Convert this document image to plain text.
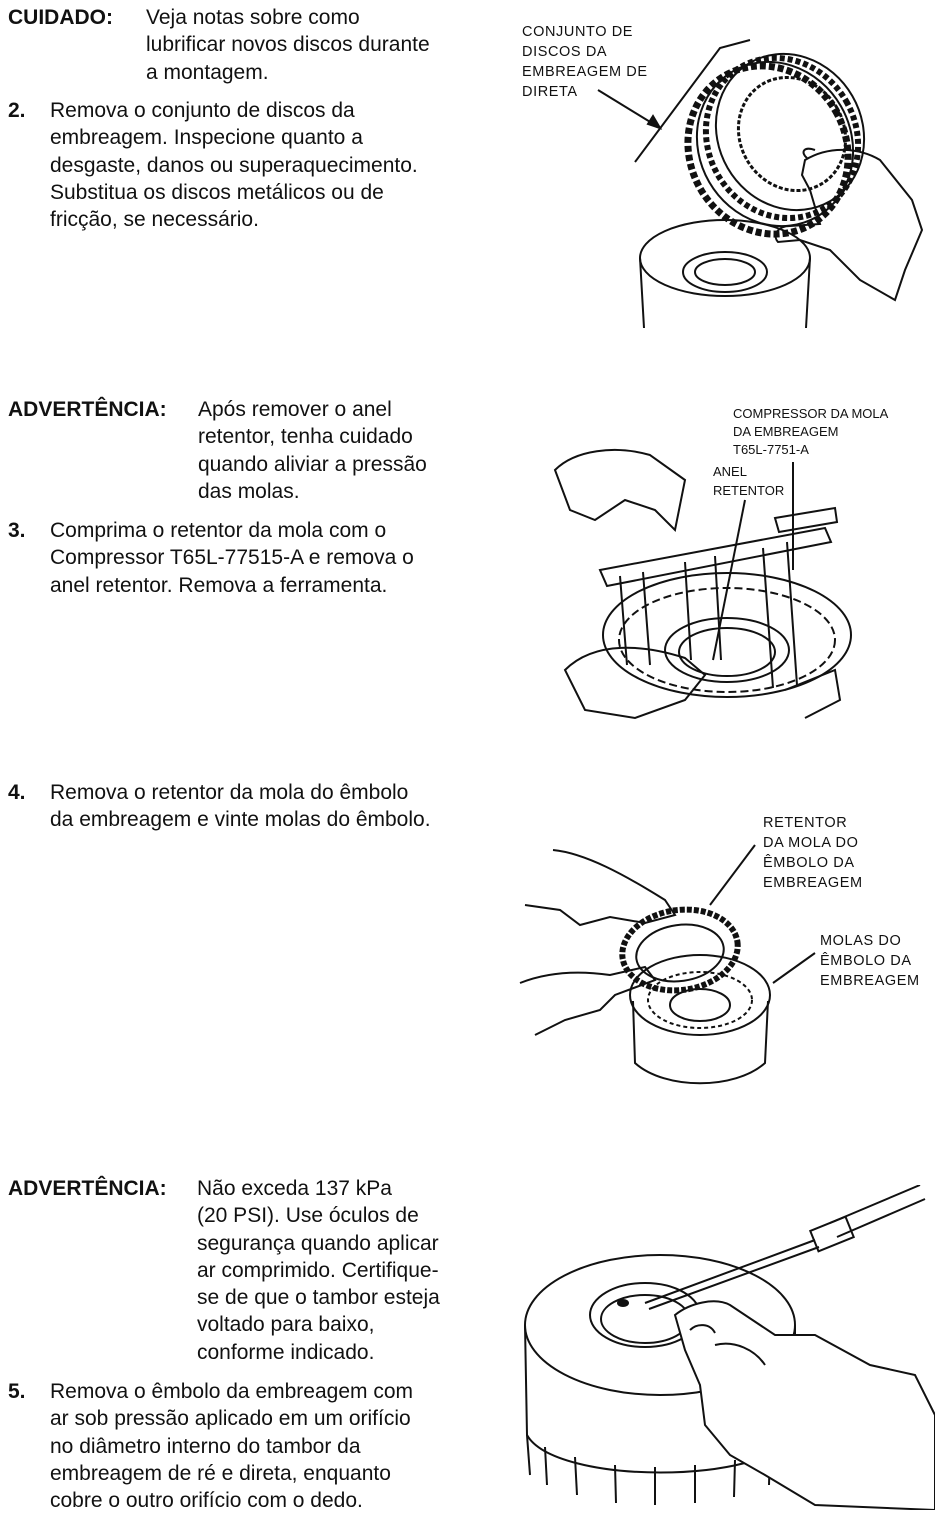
CUIDADO: Veja notas sobre como
lubrificar novos discos durante
a montagem.
2. Remova o conjunto de discos da
embreagem. Inspecione quanto a
desgaste, danos ou superaquecimento.
Substitua os discos metálicos ou de
fricção, se necessário.
CONJUNTO DE
DISCOS DA
EMBREAGEM DE
DIRETA
ADVERTÊNCIA: Após remover o anel
retentor, tenha cuidado
quando aliviar a pressão
das molas.
3. Comprima o retentor da mola com o
Compressor T65L-77515-A e remova o
anel retentor. Remova a ferramenta.
COMPRESSOR DA MOLA
DA EMBREAGEM
T65L-7751-A
ANEL
RETENTOR
4. Remova o retentor da mola do êmbolo
da embreagem e vinte molas do êmbolo.	RETENTOR
DA MOLA DO
ÊMBOLO DA
EMBREAGEM
MOLAS DO
ÊMBOLO DA
EMBREAGEM
ADVERTÊNCIA: Não exceda 137 kPa
(20 PSI). Use óculos de
segurança quando aplicar
ar comprimido. Certifique-
se de que o tambor esteja
voltado para baixo,
conforme indicado.
5. Remova o êmbolo da embreagem com
ar sob pressão aplicado em um orifício
no diâmetro interno do tambor da
embreagem de ré e direta, enquanto
cobre o outro orifício com o dedo.
